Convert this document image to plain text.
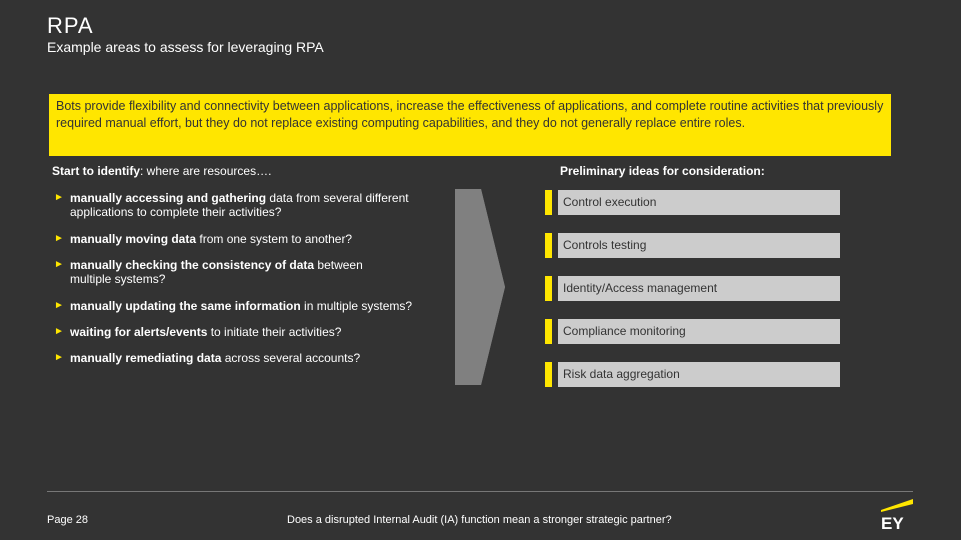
RPA
Example areas to assess for leveraging RPA
Bots provide flexibility and connectivity between applications, increase the effectiveness of applications, and complete routine activities that previously required manual effort, but they do not replace existing computing capabilities, and they do not generally replace entire roles.
Start to identify: where are resources….	Preliminary ideas for consideration:
► manually accessing and gathering data from several different applications to complete their activities?
► manually moving data from one system to another?
► manually checking the consistency of data between multiple systems?
► manually updating the same information in multiple systems?
► waiting for alerts/events to initiate their activities?
► manually remediating data across several accounts?
Control execution
Controls testing
Identity/Access management
Compliance monitoring
Risk data aggregation
Page 28	Does a disrupted Internal Audit (IA) function mean a stronger strategic partner?	EY
